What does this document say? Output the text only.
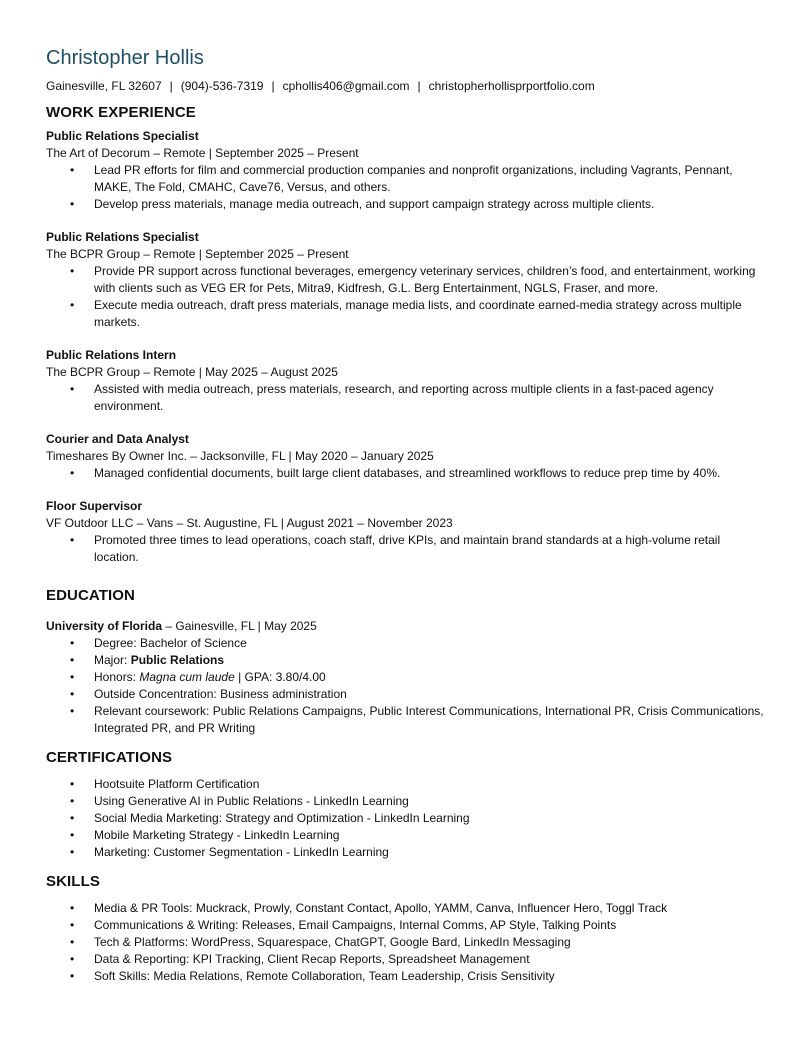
Christopher Hollis
Gainesville, FL 32607 | (904)-536-7319 | cphollis406@gmail.com | christopherhollisprportfolio.com
WORK EXPERIENCE
Public Relations Specialist
The Art of Decorum – Remote | September 2025 – Present
• Lead PR efforts for film and commercial production companies and nonprofit organizations, including Vagrants, Pennant, MAKE, The Fold, CMAHC, Cave76, Versus, and others.
• Develop press materials, manage media outreach, and support campaign strategy across multiple clients.
Public Relations Specialist
The BCPR Group – Remote | September 2025 – Present
• Provide PR support across functional beverages, emergency veterinary services, children’s food, and entertainment, working with clients such as VEG ER for Pets, Mitra9, Kidfresh, G.L. Berg Entertainment, NGLS, Fraser, and more.
• Execute media outreach, draft press materials, manage media lists, and coordinate earned-media strategy across multiple markets.
Public Relations Intern
The BCPR Group – Remote | May 2025 – August 2025
• Assisted with media outreach, press materials, research, and reporting across multiple clients in a fast-paced agency environment.
Courier and Data Analyst
Timeshares By Owner Inc. – Jacksonville, FL | May 2020 – January 2025
• Managed confidential documents, built large client databases, and streamlined workflows to reduce prep time by 40%.
Floor Supervisor
VF Outdoor LLC – Vans – St. Augustine, FL | August 2021 – November 2023
• Promoted three times to lead operations, coach staff, drive KPIs, and maintain brand standards at a high-volume retail location.
EDUCATION
University of Florida – Gainesville, FL | May 2025
• Degree: Bachelor of Science
• Major: Public Relations
• Honors: Magna cum laude | GPA: 3.80/4.00
• Outside Concentration: Business administration
• Relevant coursework: Public Relations Campaigns, Public Interest Communications, International PR, Crisis Communications, Integrated PR, and PR Writing
CERTIFICATIONS
• Hootsuite Platform Certification
• Using Generative AI in Public Relations - LinkedIn Learning
• Social Media Marketing: Strategy and Optimization - LinkedIn Learning
• Mobile Marketing Strategy - LinkedIn Learning
• Marketing: Customer Segmentation - LinkedIn Learning
SKILLS
• Media & PR Tools: Muckrack, Prowly, Constant Contact, Apollo, YAMM, Canva, Influencer Hero, Toggl Track
• Communications & Writing: Releases, Email Campaigns, Internal Comms, AP Style, Talking Points
• Tech & Platforms: WordPress, Squarespace, ChatGPT, Google Bard, LinkedIn Messaging
• Data & Reporting: KPI Tracking, Client Recap Reports, Spreadsheet Management
• Soft Skills: Media Relations, Remote Collaboration, Team Leadership, Crisis Sensitivity
